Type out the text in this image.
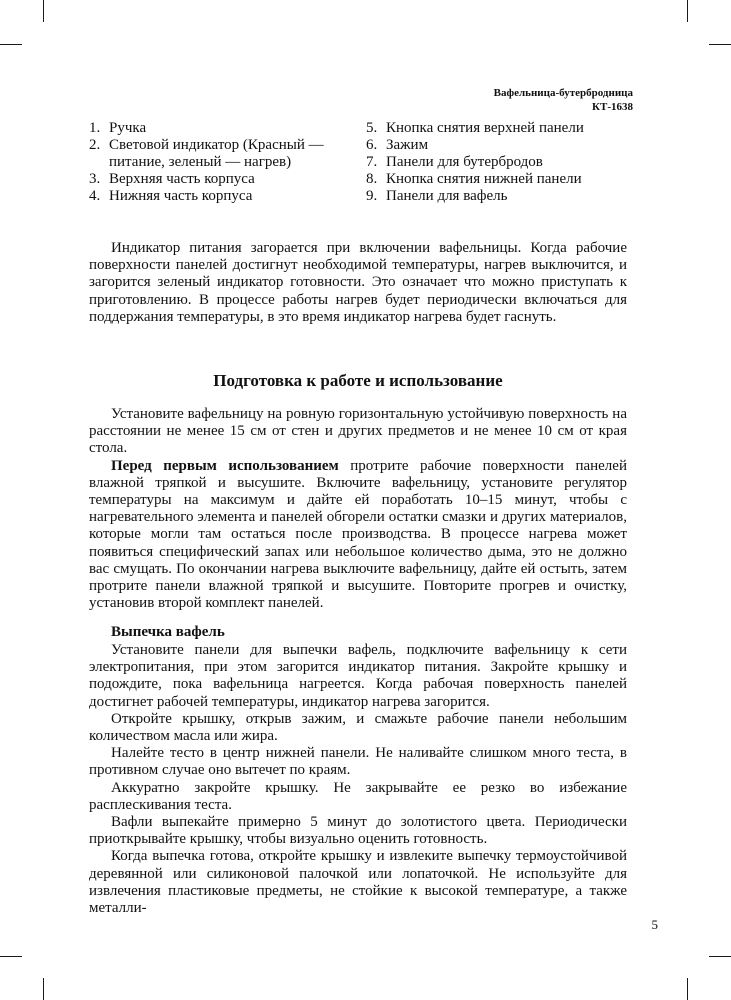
Вафельница-бутербродница
КТ-1638
1. Ручка
2. Световой индикатор (Красный — питание, зеленый — нагрев)
3. Верхняя часть корпуса
4. Нижняя часть корпуса
5. Кнопка снятия верхней панели
6. Зажим
7. Панели для бутербродов
8. Кнопка снятия нижней панели
9. Панели для вафель

Индикатор питания загорается при включении вафельницы. Когда рабочие поверхности панелей достигнут необходимой температуры, нагрев выключится, и загорится зеленый индикатор готовности. Это означает что можно приступать к приготовлению. В процессе работы нагрев будет периодически включаться для поддержания температуры, в это время индикатор нагрева будет гаснуть.

Подготовка к работе и использование

Установите вафельницу на ровную горизонтальную устойчивую поверхность на расстоянии не менее 15 см от стен и других предметов и не менее 10 см от края стола.

Перед первым использованием протрите рабочие поверхности панелей влажной тряпкой и высушите. Включите вафельницу, установите регулятор температуры на максимум и дайте ей поработать 10–15 минут, чтобы с нагревательного элемента и панелей обгорели остатки смазки и других материалов, которые могли там остаться после производства. В процессе нагрева может появиться специфический запах или небольшое количество дыма, это не должно вас смущать. По окончании нагрева выключите вафельницу, дайте ей остыть, затем протрите панели влажной тряпкой и высушите. Повторите прогрев и очистку, установив второй комплект панелей.

Выпечка вафель

Установите панели для выпечки вафель, подключите вафельницу к сети электропитания, при этом загорится индикатор питания. Закройте крышку и подождите, пока вафельница нагреется. Когда рабочая поверхность панелей достигнет рабочей температуры, индикатор нагрева загорится.

Откройте крышку, открыв зажим, и смажьте рабочие панели небольшим количеством масла или жира.

Налейте тесто в центр нижней панели. Не наливайте слишком много теста, в противном случае оно вытечет по краям.

Аккуратно закройте крышку. Не закрывайте ее резко во избежание расплескивания теста.

Вафли выпекайте примерно 5 минут до золотистого цвета. Периодически приоткрывайте крышку, чтобы визуально оценить готовность.

Когда выпечка готова, откройте крышку и извлеките выпечку термоустойчивой деревянной или силиконовой палочкой или лопаточкой. Не используйте для извлечения пластиковые предметы, не стойкие к высокой температуре, а также металли-

5
